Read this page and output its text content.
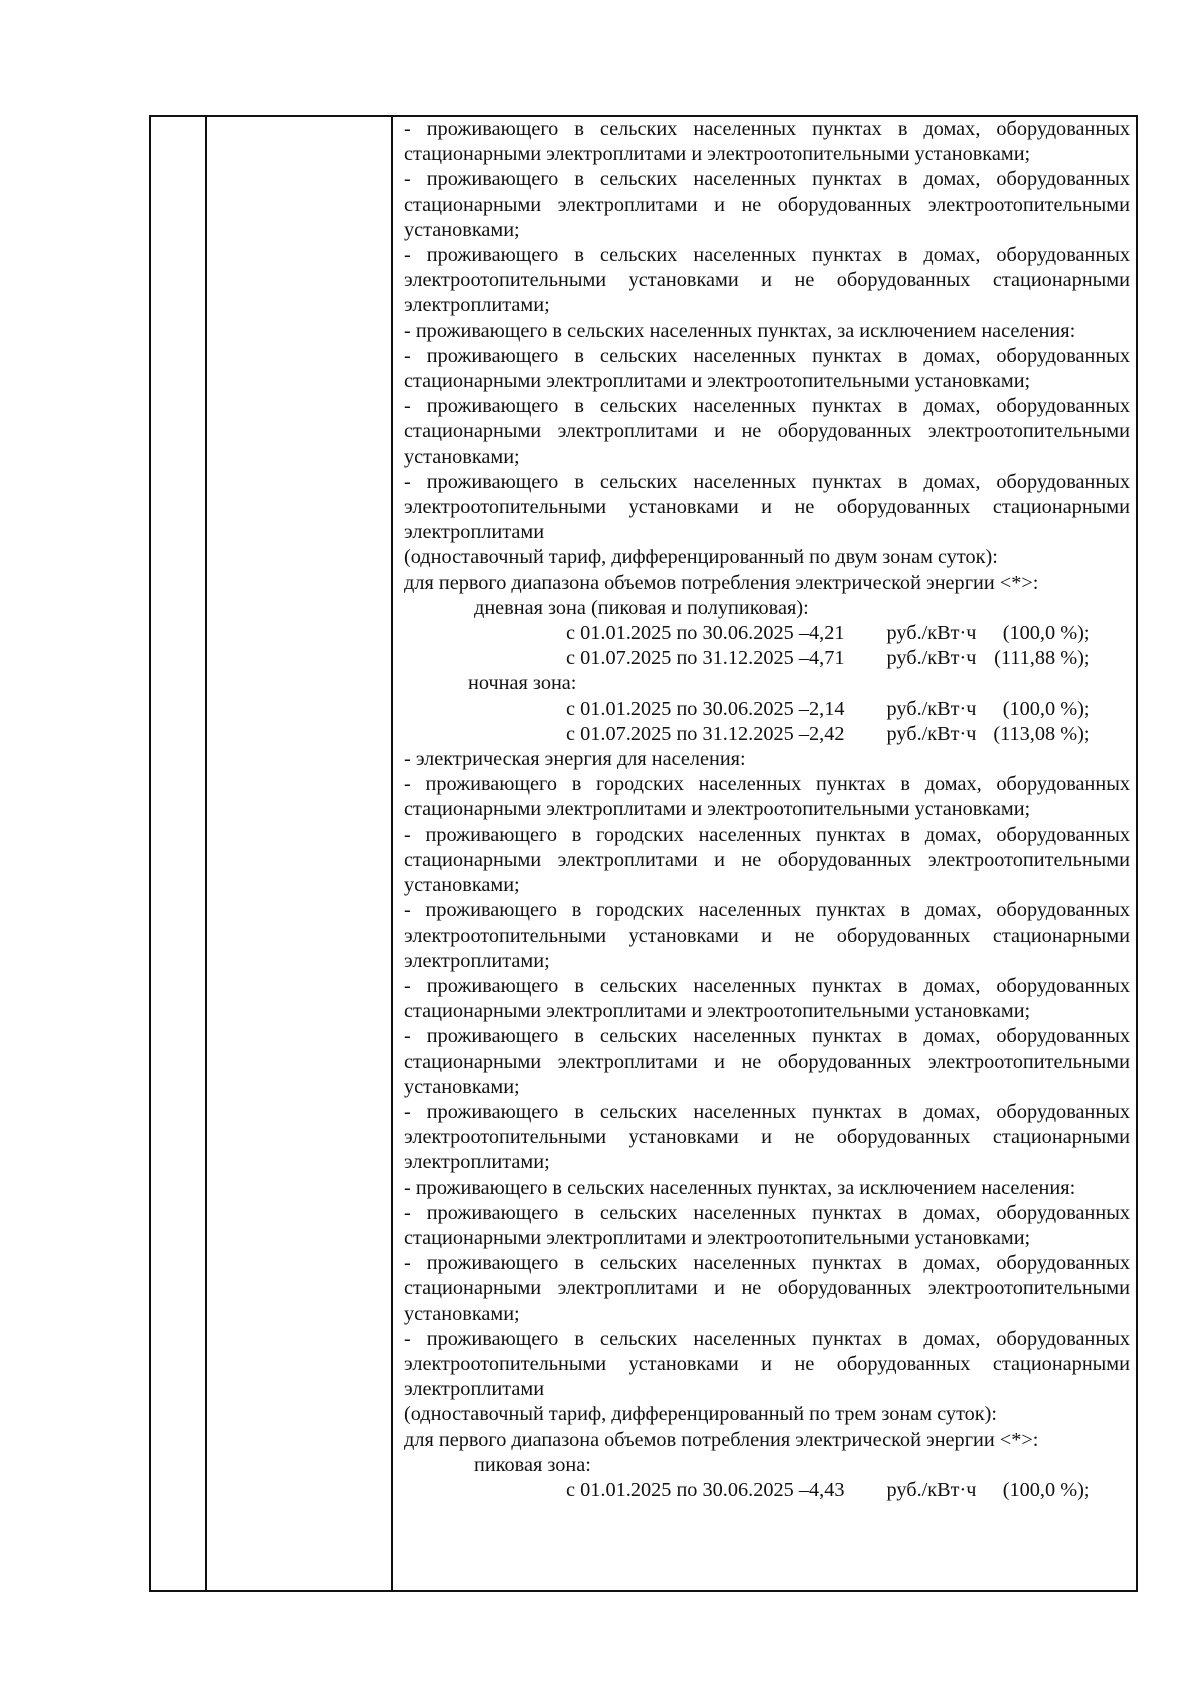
- проживающего в сельских населенных пунктах в домах, оборудованных стационарными электроплитами и электроотопительными установками;
- проживающего в сельских населенных пунктах в домах, оборудованных стационарными электроплитами и не оборудованных электроотопительными установками;
- проживающего в сельских населенных пунктах в домах, оборудованных электроотопительными установками и не оборудованных стационарными электроплитами;
- проживающего в сельских населенных пунктах, за исключением населения:
- проживающего в сельских населенных пунктах в домах, оборудованных стационарными электроплитами и электроотопительными установками;
- проживающего в сельских населенных пунктах в домах, оборудованных стационарными электроплитами и не оборудованных электроотопительными установками;
- проживающего в сельских населенных пунктах в домах, оборудованных электроотопительными установками и не оборудованных стационарными электроплитами
(одноставочный тариф, дифференцированный по двум зонам суток):
для первого диапазона объемов потребления электрической энергии <*>:
дневная зона (пиковая и полупиковая):
с 01.01.2025 по 30.06.2025 – 4,21	руб./кВт·ч	(100,0 %);
с 01.07.2025 по 31.12.2025 – 4,71	руб./кВт·ч (111,88 %);
ночная зона:
с 01.01.2025 по 30.06.2025 – 2,14	руб./кВт·ч	(100,0 %);
с 01.07.2025 по 31.12.2025 – 2,42	руб./кВт·ч (113,08 %);
- электрическая энергия для населения:
- проживающего в городских населенных пунктах в домах, оборудованных стационарными электроплитами и электроотопительными установками;
- проживающего в городских населенных пунктах в домах, оборудованных стационарными электроплитами и не оборудованных электроотопительными установками;
- проживающего в городских населенных пунктах в домах, оборудованных электроотопительными установками и не оборудованных стационарными электроплитами;
- проживающего в сельских населенных пунктах в домах, оборудованных стационарными электроплитами и электроотопительными установками;
- проживающего в сельских населенных пунктах в домах, оборудованных стационарными электроплитами и не оборудованных электроотопительными установками;
- проживающего в сельских населенных пунктах в домах, оборудованных электроотопительными установками и не оборудованных стационарными электроплитами;
- проживающего в сельских населенных пунктах, за исключением населения:
- проживающего в сельских населенных пунктах в домах, оборудованных стационарными электроплитами и электроотопительными установками;
- проживающего в сельских населенных пунктах в домах, оборудованных стационарными электроплитами и не оборудованных электроотопительными установками;
- проживающего в сельских населенных пунктах в домах, оборудованных электроотопительными установками и не оборудованных стационарными электроплитами
(одноставочный тариф, дифференцированный по трем зонам суток):
для первого диапазона объемов потребления электрической энергии <*>:
пиковая зона:
с 01.01.2025 по 30.06.2025 – 4,43	руб./кВт·ч	(100,0 %);
